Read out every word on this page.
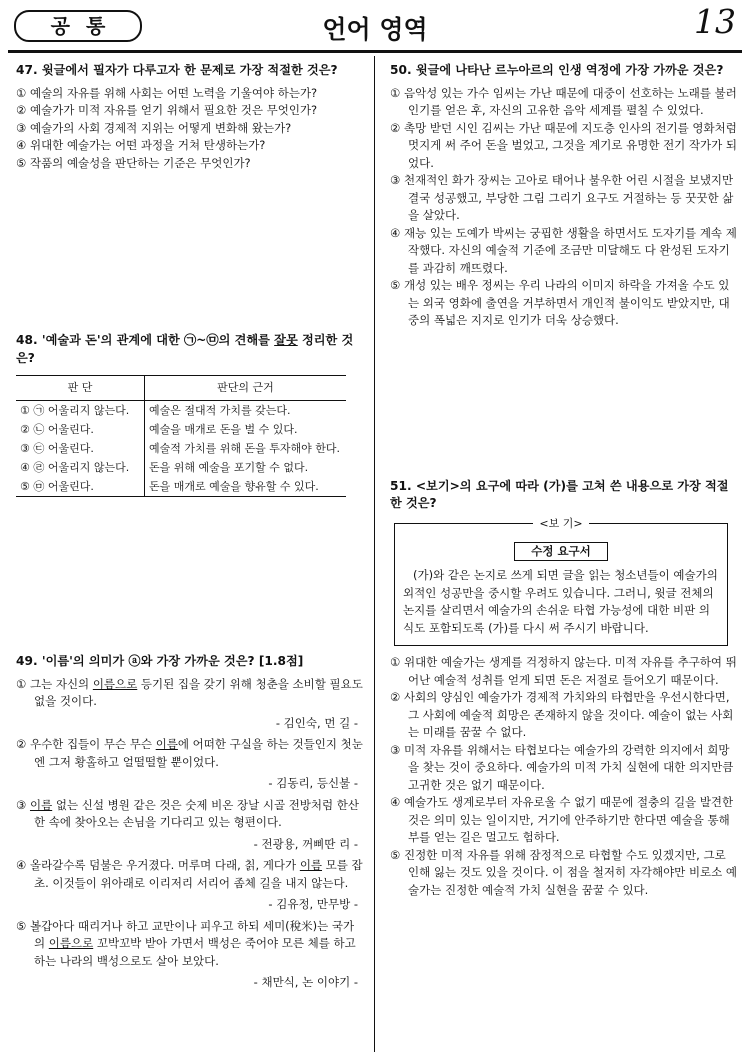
공통	언어 영역	13
47. 윗글에서 필자가 다루고자 한 문제로 가장 적절한 것은?

① 예술의 자유를 위해 사회는 어떤 노력을 기울여야 하는가?

② 예술가가 미적 자유를 얻기 위해서 필요한 것은 무엇인가?

③ 예술가의 사회 경제적 지위는 어떻게 변화해 왔는가?

④ 위대한 예술가는 어떤 과정을 거쳐 탄생하는가?

⑤ 작품의 예술성을 판단하는 기준은 무엇인가?

48. '예술과 돈'의 관계에 대한 ㉠~㉤의 견해를 잘못 정리한 것은?
판 단	판단의 근거
① ㉠ 어울리지 않는다.	예술은 절대적 가치를 갖는다.
② ㉡ 어울린다.	예술을 매개로 돈을 벌 수 있다.
③ ㉢ 어울린다.	예술적 가치를 위해 돈을 투자해야 한다.
④ ㉣ 어울리지 않는다.	돈을 위해 예술을 포기할 수 없다.
⑤ ㉤ 어울린다.	돈을 매개로 예술을 향유할 수 있다.
49. '이름'의 의미가 ⓐ와 가장 가까운 것은? [1.8점]

① 그는 자신의 이름으로 등기된 집을 갖기 위해 청춘을 소비할 필요도 없을 것이다.

- 김인숙, 먼 길 -

② 우수한 집들이 무슨 무슨 이름에 어떠한 구실을 하는 것들인지 첫눈엔 그저 황홀하고 얼떨떨할 뿐이었다.

- 김동리, 등신불 -

③ 이름 없는 신설 병원 같은 것은 숫제 비온 장날 시골 전방처럼 한산한 속에 찾아오는 손님을 기다리고 있는 형편이다.

- 전광용, 꺼삐딴 리 -

④ 올라갈수록 덤불은 우거졌다. 머루며 다래, 칡, 게다가 이름 모를 잡초. 이것들이 위아래로 이리저리 서리어 좀체 길을 내지 않는다.

- 김유정, 만무방 -

⑤ 볼갑아다 때리거나 하고 교만이나 피우고 하되 세미(稅米)는 국가의 이름으로 꼬박꼬박 받아 가면서 백성은 죽어야 모른 체를 하고 하는 나라의 백성으로도 살아 보았다.

- 채만식, 논 이야기 -
50. 윗글에 나타난 르누아르의 인생 역정에 가장 가까운 것은?

① 음악성 있는 가수 임씨는 가난 때문에 대중이 선호하는 노래를 불러 인기를 얻은 후, 자신의 고유한 음악 세계를 펼칠 수 있었다.

② 촉망 받던 시인 김씨는 가난 때문에 지도층 인사의 전기를 영화처럼 멋지게 써 주어 돈을 벌었고, 그것을 계기로 유명한 전기 작가가 되었다.

③ 천재적인 화가 장씨는 고아로 태어나 불우한 어린 시절을 보냈지만 결국 성공했고, 부당한 그림 그리기 요구도 거절하는 등 꿋꿋한 삶을 살았다.

④ 재능 있는 도예가 박씨는 궁핍한 생활을 하면서도 도자기를 계속 제작했다. 자신의 예술적 기준에 조금만 미달해도 다 완성된 도자기를 과감히 깨뜨렸다.

⑤ 개성 있는 배우 정씨는 우리 나라의 이미지 하락을 가져올 수도 있는 외국 영화에 출연을 거부하면서 개인적 불이익도 받았지만, 대중의 폭넓은 지지로 인기가 더욱 상승했다.

51. <보기>의 요구에 따라 (가)를 고쳐 쓴 내용으로 가장 적절한 것은?
<보 기>
수정 요구서

(가)와 같은 논지로 쓰게 되면 글을 읽는 청소년들이 예술가의 외적인 성공만을 중시할 우려도 있습니다. 그러니, 윗글 전체의 논지를 살리면서 예술가의 손쉬운 타협 가능성에 대한 비판 의식도 포함되도록 (가)를 다시 써 주시기 바랍니다.

① 위대한 예술가는 생계를 걱정하지 않는다. 미적 자유를 추구하여 뛰어난 예술적 성취를 얻게 되면 돈은 저절로 들어오기 때문이다.

② 사회의 양심인 예술가가 경제적 가치와의 타협만을 우선시한다면, 그 사회에 예술적 희망은 존재하지 않을 것이다. 예술이 없는 사회는 미래를 꿈꿀 수 없다.

③ 미적 자유를 위해서는 타협보다는 예술가의 강력한 의지에서 희망을 찾는 것이 중요하다. 예술가의 미적 가치 실현에 대한 의지만큼 고귀한 것은 없기 때문이다.

④ 예술가도 생계로부터 자유로울 수 없기 때문에 절충의 길을 발견한 것은 의미 있는 일이지만, 거기에 안주하기만 한다면 예술을 통해 부를 얻는 길은 멀고도 험하다.

⑤ 진정한 미적 자유를 위해 잠정적으로 타협할 수도 있겠지만, 그로 인해 잃는 것도 있을 것이다. 이 점을 철저히 자각해야만 비로소 예술가는 진정한 예술적 가치 실현을 꿈꿀 수 있다.
